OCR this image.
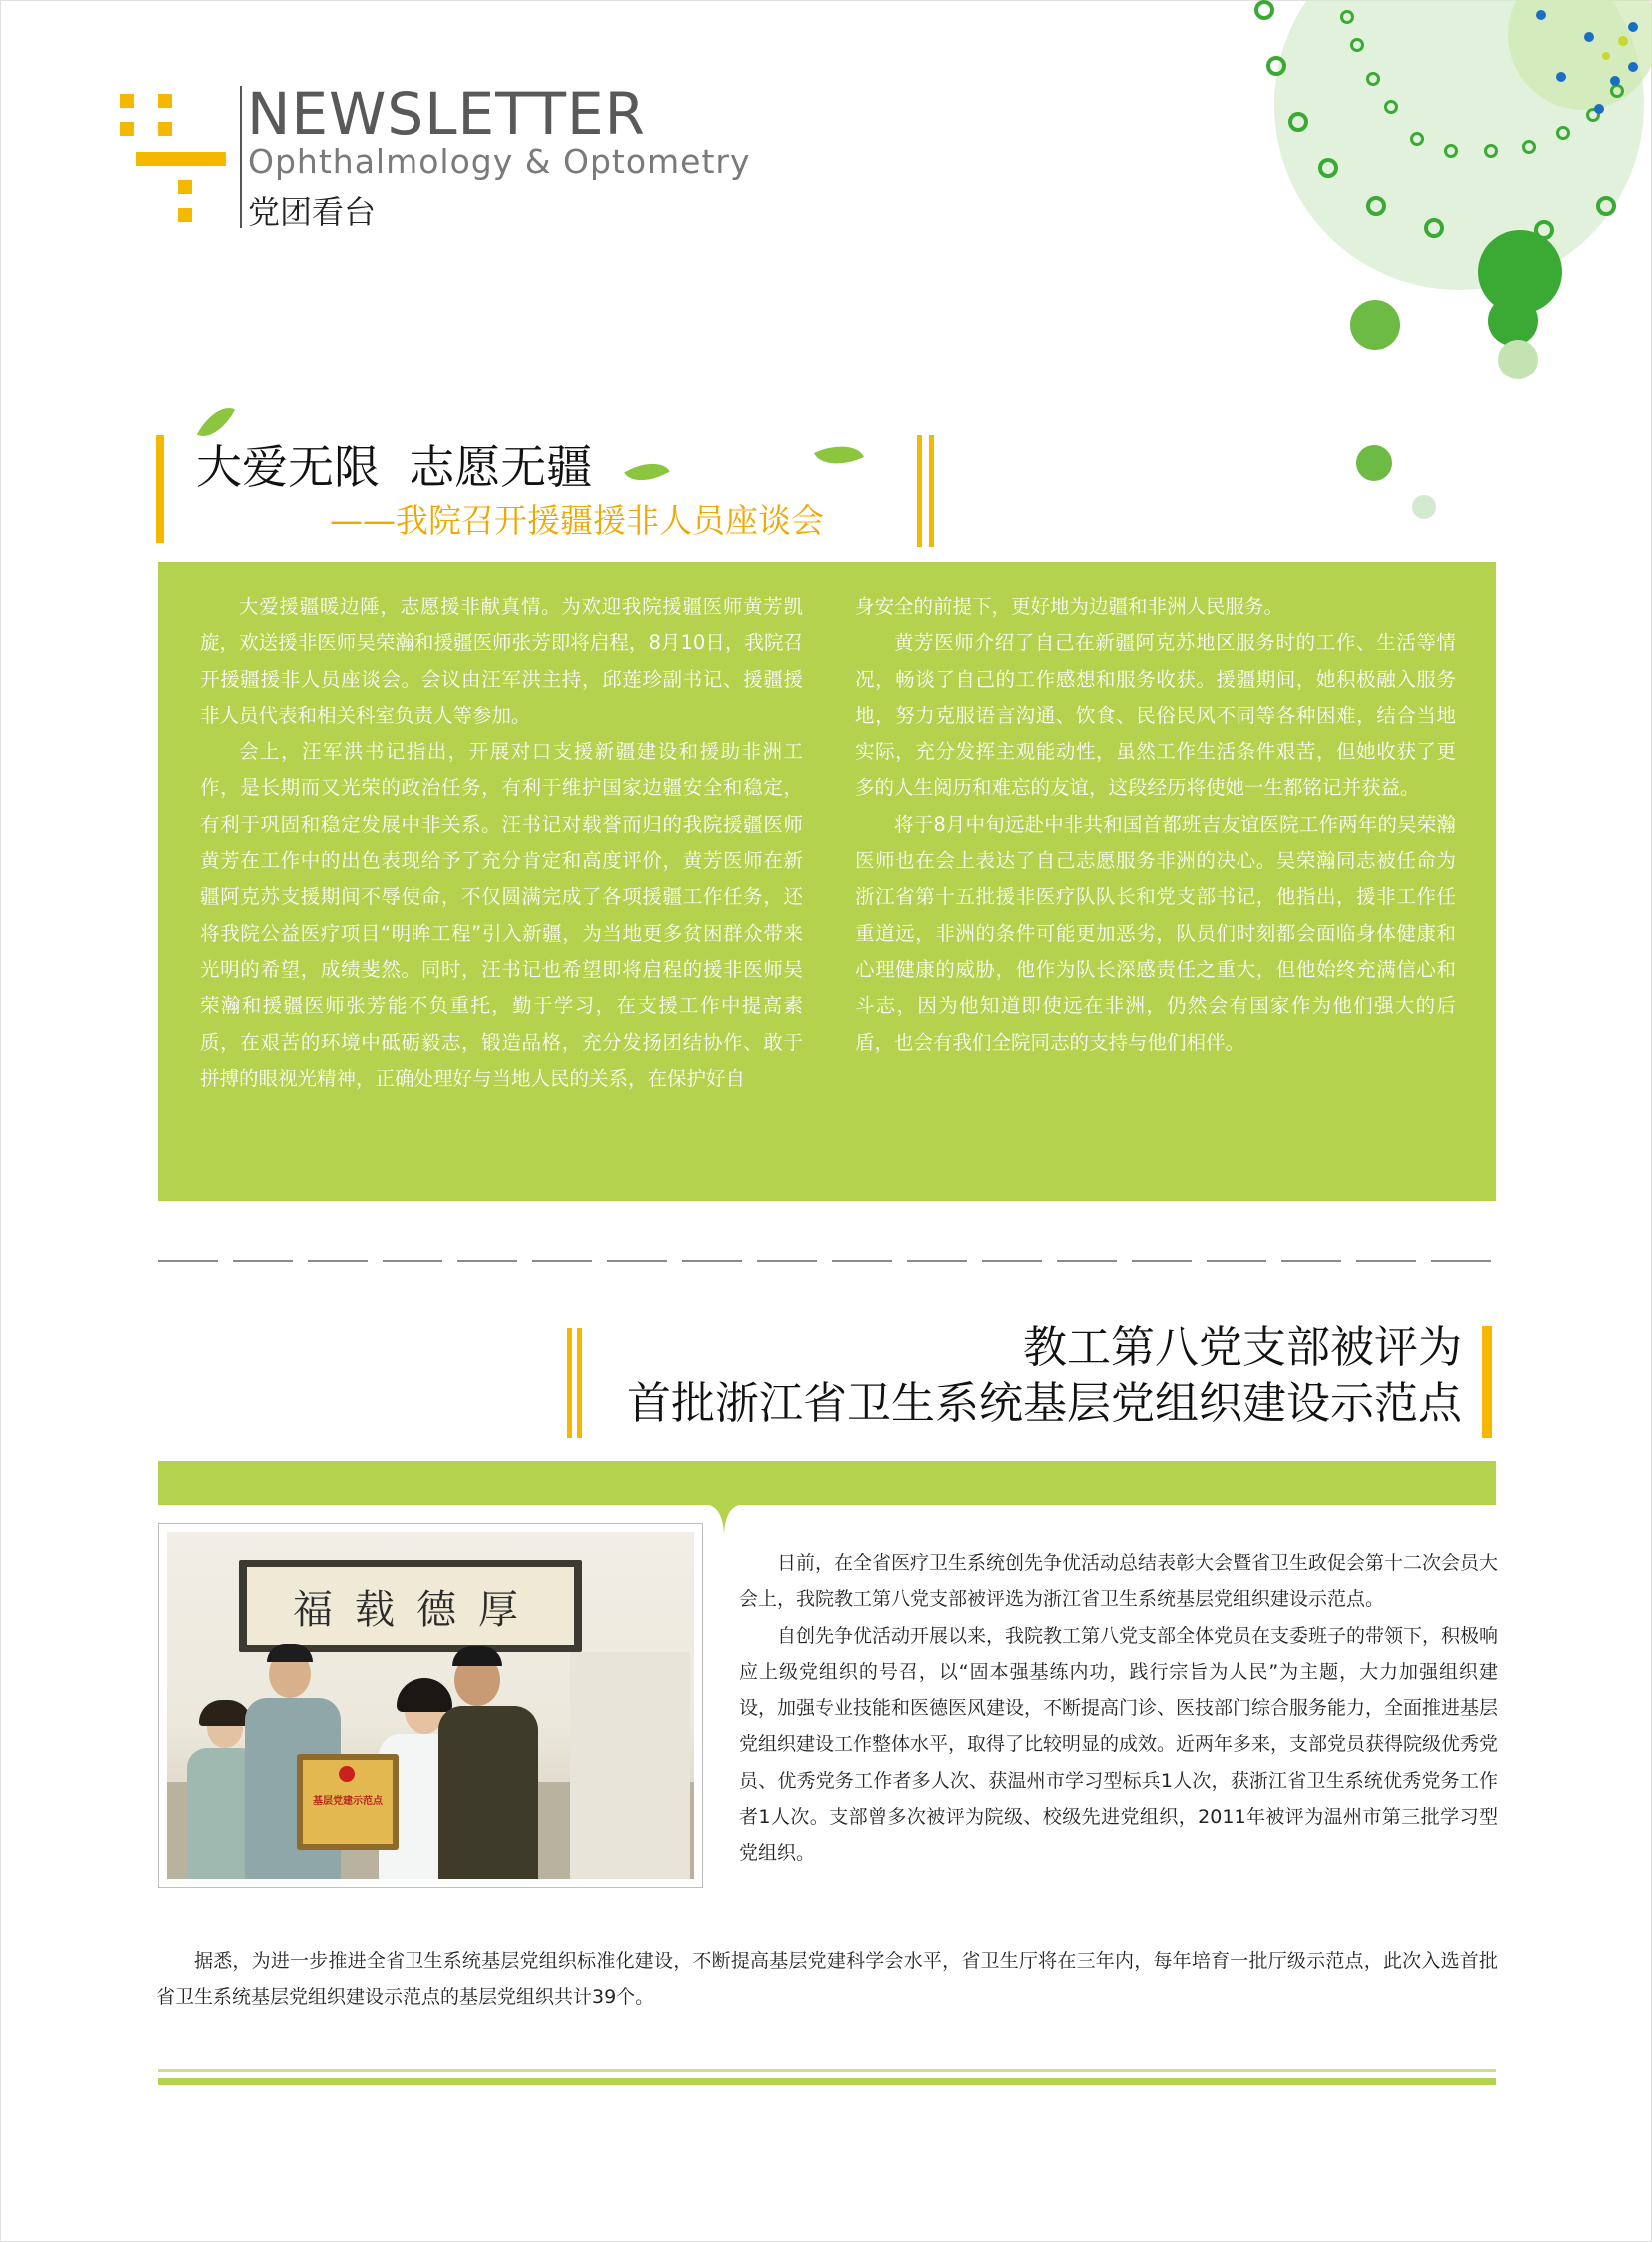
NEWSLETTER
Ophthalmology & Optometry
党团看台
大爱无限  志愿无疆
——我院召开援疆援非人员座谈会

大爱援疆暖边陲，志愿援非献真情。为欢迎我院援疆医师黄芳凯旋，欢送援非医师吴荣瀚和援疆医师张芳即将启程，8月10日，我院召开援疆援非人员座谈会。会议由汪军洪主持，邱莲珍副书记、援疆援非人员代表和相关科室负责人等参加。

会上，汪军洪书记指出，开展对口支援新疆建设和援助非洲工作，是长期而又光荣的政治任务，有利于维护国家边疆安全和稳定，有利于巩固和稳定发展中非关系。汪书记对载誉而归的我院援疆医师黄芳在工作中的出色表现给予了充分肯定和高度评价，黄芳医师在新疆阿克苏支援期间不辱使命，不仅圆满完成了各项援疆工作任务，还将我院公益医疗项目“明眸工程”引入新疆，为当地更多贫困群众带来光明的希望，成绩斐然。同时，汪书记也希望即将启程的援非医师吴荣瀚和援疆医师张芳能不负重托，勤于学习，在支援工作中提高素质，在艰苦的环境中砥砺毅志，锻造品格，充分发扬团结协作、敢于拼搏的眼视光精神，正确处理好与当地人民的关系，在保护好自

身安全的前提下，更好地为边疆和非洲人民服务。

黄芳医师介绍了自己在新疆阿克苏地区服务时的工作、生活等情况，畅谈了自己的工作感想和服务收获。援疆期间，她积极融入服务地，努力克服语言沟通、饮食、民俗民风不同等各种困难，结合当地实际，充分发挥主观能动性，虽然工作生活条件艰苦，但她收获了更多的人生阅历和难忘的友谊，这段经历将使她一生都铭记并获益。

将于8月中旬远赴中非共和国首都班吉友谊医院工作两年的吴荣瀚医师也在会上表达了自己志愿服务非洲的决心。吴荣瀚同志被任命为浙江省第十五批援非医疗队队长和党支部书记，他指出，援非工作任重道远，非洲的条件可能更加恶劣，队员们时刻都会面临身体健康和心理健康的威胁，他作为队长深感责任之重大，但他始终充满信心和斗志，因为他知道即使远在非洲，仍然会有国家作为他们强大的后盾，也会有我们全院同志的支持与他们相伴。

教工第八党支部被评为
首批浙江省卫生系统基层党组织建设示范点
厚德载福
基层党建示范点

日前，在全省医疗卫生系统创先争优活动总结表彰大会暨省卫生政促会第十二次会员大会上，我院教工第八党支部被评选为浙江省卫生系统基层党组织建设示范点。

自创先争优活动开展以来，我院教工第八党支部全体党员在支委班子的带领下，积极响应上级党组织的号召，以“固本强基练内功，践行宗旨为人民”为主题，大力加强组织建设，加强专业技能和医德医风建设，不断提高门诊、医技部门综合服务能力，全面推进基层党组织建设工作整体水平，取得了比较明显的成效。近两年多来，支部党员获得院级优秀党员、优秀党务工作者多人次、获温州市学习型标兵1人次，获浙江省卫生系统优秀党务工作者1人次。支部曾多次被评为院级、校级先进党组织，2011年被评为温州市第三批学习型党组织。

据悉，为进一步推进全省卫生系统基层党组织标准化建设，不断提高基层党建科学会水平，省卫生厅将在三年内，每年培育一批厅级示范点，此次入选首批省卫生系统基层党组织建设示范点的基层党组织共计39个。
